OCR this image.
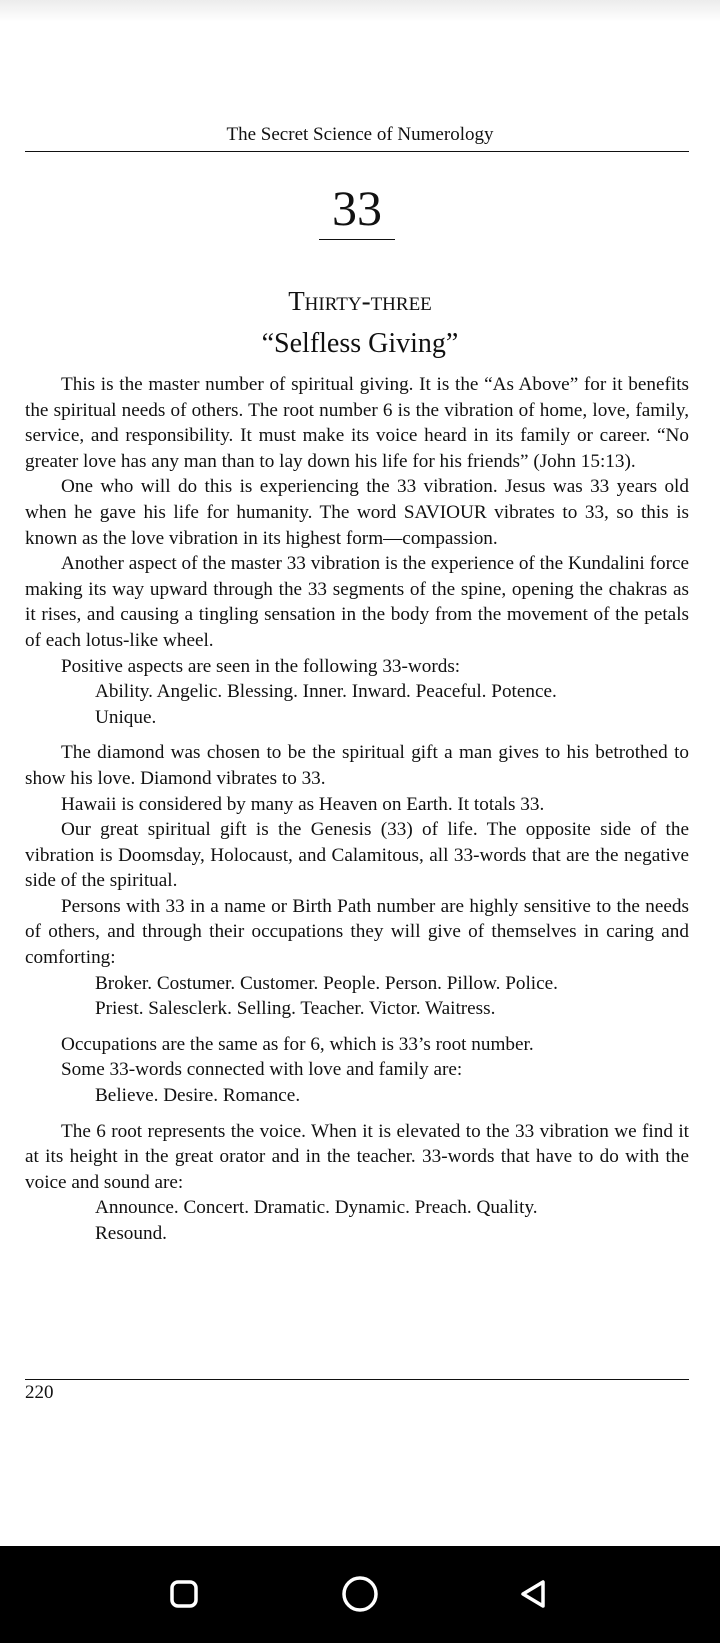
The Secret Science of Numerology
33
Thirty-three
“Selfless Giving”

This is the master number of spiritual giving. It is the “As Above” for it benefits the spiritual needs of others. The root number 6 is the vibration of home, love, family, service, and responsibility. It must make its voice heard in its family or career. “No greater love has any man than to lay down his life for his friends” (John 15:13).

One who will do this is experiencing the 33 vibration. Jesus was 33 years old when he gave his life for humanity. The word SAVIOUR vibrates to 33, so this is known as the love vibration in its highest form—compassion.

Another aspect of the master 33 vibration is the experience of the Kundalini force making its way upward through the 33 segments of the spine, opening the chakras as it rises, and causing a tingling sensation in the body from the movement of the petals of each lotus-like wheel.

Positive aspects are seen in the following 33-words:

Ability. Angelic. Blessing. Inner. Inward. Peaceful. Potence. Unique.

The diamond was chosen to be the spiritual gift a man gives to his betrothed to show his love. Diamond vibrates to 33.

Hawaii is considered by many as Heaven on Earth. It totals 33.

Our great spiritual gift is the Genesis (33) of life. The opposite side of the vibration is Doomsday, Holocaust, and Calamitous, all 33-words that are the negative side of the spiritual.

Persons with 33 in a name or Birth Path number are highly sensitive to the needs of others, and through their occupations they will give of themselves in caring and comforting:

Broker. Costumer. Customer. People. Person. Pillow. Police. Priest. Salesclerk. Selling. Teacher. Victor. Waitress.

Occupations are the same as for 6, which is 33’s root number.

Some 33-words connected with love and family are:

Believe. Desire. Romance.

The 6 root represents the voice. When it is elevated to the 33 vibration we find it at its height in the great orator and in the teacher. 33-words that have to do with the voice and sound are:

Announce. Concert. Dramatic. Dynamic. Preach. Quality. Resound.

220
